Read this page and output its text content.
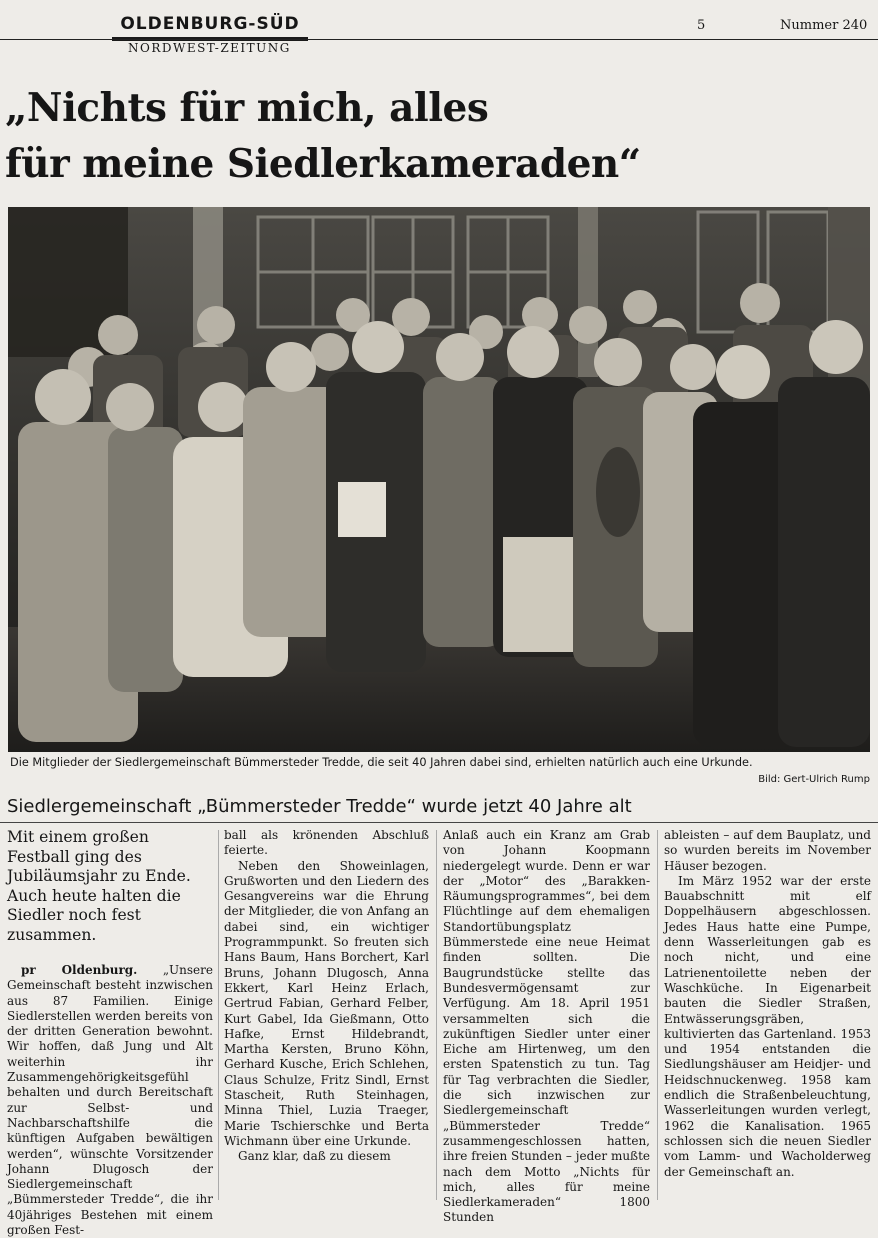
OLDENBURG-SÜD
NORDWEST-ZEITUNG
5	Nummer 240
„Nichts für mich, alles
für meine Siedlerkameraden“
Die Mitglieder der Siedlergemeinschaft Bümmersteder Tredde, die seit 40 Jahren dabei sind, erhielten natürlich auch eine Urkunde.
Bild: Gert-Ulrich Rump
Siedlergemeinschaft „Bümmersteder Tredde“ wurde jetzt 40 Jahre alt

Mit einem großen Festball ging des Jubiläumsjahr zu Ende. Auch heute halten die Siedler noch fest zusammen.

pr Oldenburg. „Unsere Gemeinschaft besteht inzwischen aus 87 Familien. Einige Siedlerstellen werden bereits von der dritten Generation bewohnt. Wir hoffen, daß Jung und Alt weiterhin ihr Zusammengehörigkeitsgefühl behalten und durch Bereitschaft zur Selbst- und Nachbarschaftshilfe die künftigen Aufgaben bewältigen werden“, wünschte Vorsitzender Johann Dlugosch der Siedlergemeinschaft „Bümmersteder Tredde“, die ihr 40jähriges Bestehen mit einem großen Fest-

ball als krönenden Abschluß feierte.

Neben den Showeinlagen, Grußworten und den Liedern des Gesangvereins war die Ehrung der Mitglieder, die von Anfang an dabei sind, ein wichtiger Programmpunkt. So freuten sich Hans Baum, Hans Borchert, Karl Bruns, Johann Dlugosch, Anna Ekkert, Karl Heinz Erlach, Gertrud Fabian, Gerhard Felber, Kurt Gabel, Ida Gießmann, Otto Hafke, Ernst Hildebrandt, Martha Kersten, Bruno Köhn, Gerhard Kusche, Erich Schlehen, Claus Schulze, Fritz Sindl, Ernst Stascheit, Ruth Steinhagen, Minna Thiel, Luzia Traeger, Marie Tschierschke und Berta Wichmann über eine Urkunde.

Ganz klar, daß zu diesem

Anlaß auch ein Kranz am Grab von Johann Koopmann niedergelegt wurde. Denn er war der „Motor“ des „Barakken-Räumungsprogrammes“, bei dem Flüchtlinge auf dem ehemaligen Standortübungsplatz Bümmerstede eine neue Heimat finden sollten. Die Baugrundstücke stellte das Bundesvermögensamt zur Verfügung. Am 18. April 1951 versammelten sich die zukünftigen Siedler unter einer Eiche am Hirtenweg, um den ersten Spatenstich zu tun. Tag für Tag verbrachten die Siedler, die sich inzwischen zur Siedlergemeinschaft „Bümmersteder Tredde“ zusammengeschlossen hatten, ihre freien Stunden – jeder mußte nach dem Motto „Nichts für mich, alles für meine Siedlerkameraden“ 1800 Stunden

ableisten – auf dem Bauplatz, und so wurden bereits im November Häuser bezogen.

Im März 1952 war der erste Bauabschnitt mit elf Doppelhäusern abgeschlossen. Jedes Haus hatte eine Pumpe, denn Wasserleitungen gab es noch nicht, und eine Latrienentoilette neben der Waschküche. In Eigenarbeit bauten die Siedler Straßen, Entwässerungsgräben, kultivierten das Gartenland. 1953 und 1954 entstanden die Siedlungshäuser am Heidjer- und Heidschnuckenweg. 1958 kam endlich die Straßenbeleuchtung, Wasserleitungen wurden verlegt, 1962 die Kanalisation. 1965 schlossen sich die neuen Siedler vom Lamm- und Wacholderweg der Gemeinschaft an.
